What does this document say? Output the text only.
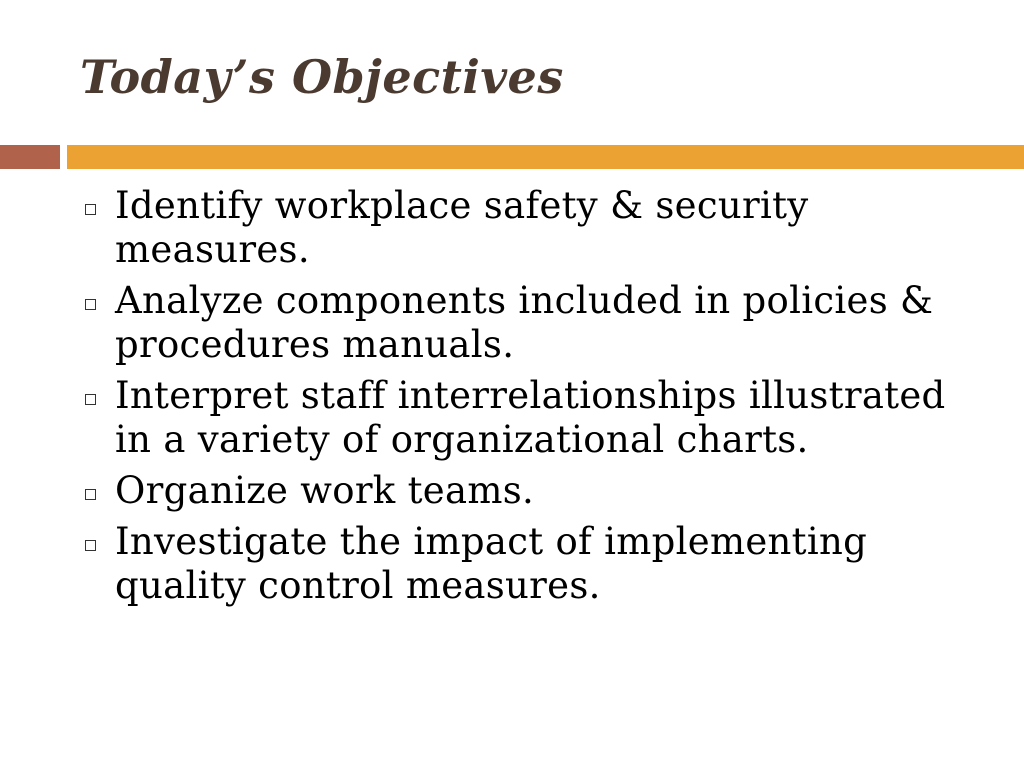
Today’s Objectives
Identify workplace safety & security measures.
Analyze components included in policies & procedures manuals.
Interpret staff interrelationships illustrated in a variety of organizational charts.
Organize work teams.
Investigate the impact of implementing quality control measures.
